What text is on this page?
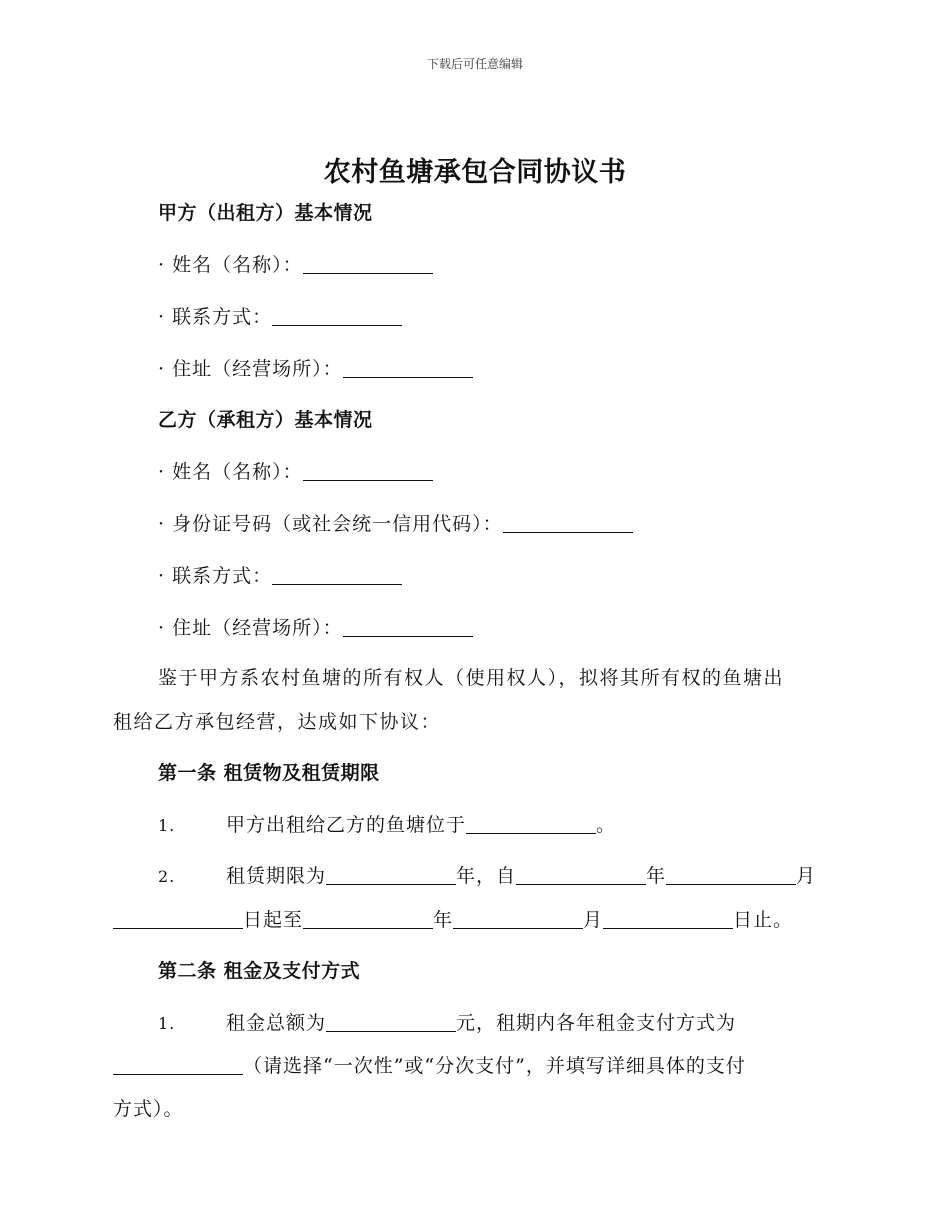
下载后可任意编辑
农村鱼塘承包合同协议书
甲方（出租方）基本情况
· 姓名（名称）：
· 联系方式：
· 住址（经营场所）：
乙方（承租方）基本情况
· 姓名（名称）：
· 身份证号码（或社会统一信用代码）：
· 联系方式：
· 住址（经营场所）：
鉴于甲方系农村鱼塘的所有权人（使用权人），拟将其所有权的鱼塘出
租给乙方承包经营，达成如下协议：
第一条 租赁物及租赁期限
1.	甲方出租给乙方的鱼塘位于	。
2.	租赁期限为	年，自	年	月
日起至	年	月	日止。
第二条 租金及支付方式
1.	租金总额为	元，租期内各年租金支付方式为
（请选择“一次性”或“分次支付”，并填写详细具体的支付
方式）。
